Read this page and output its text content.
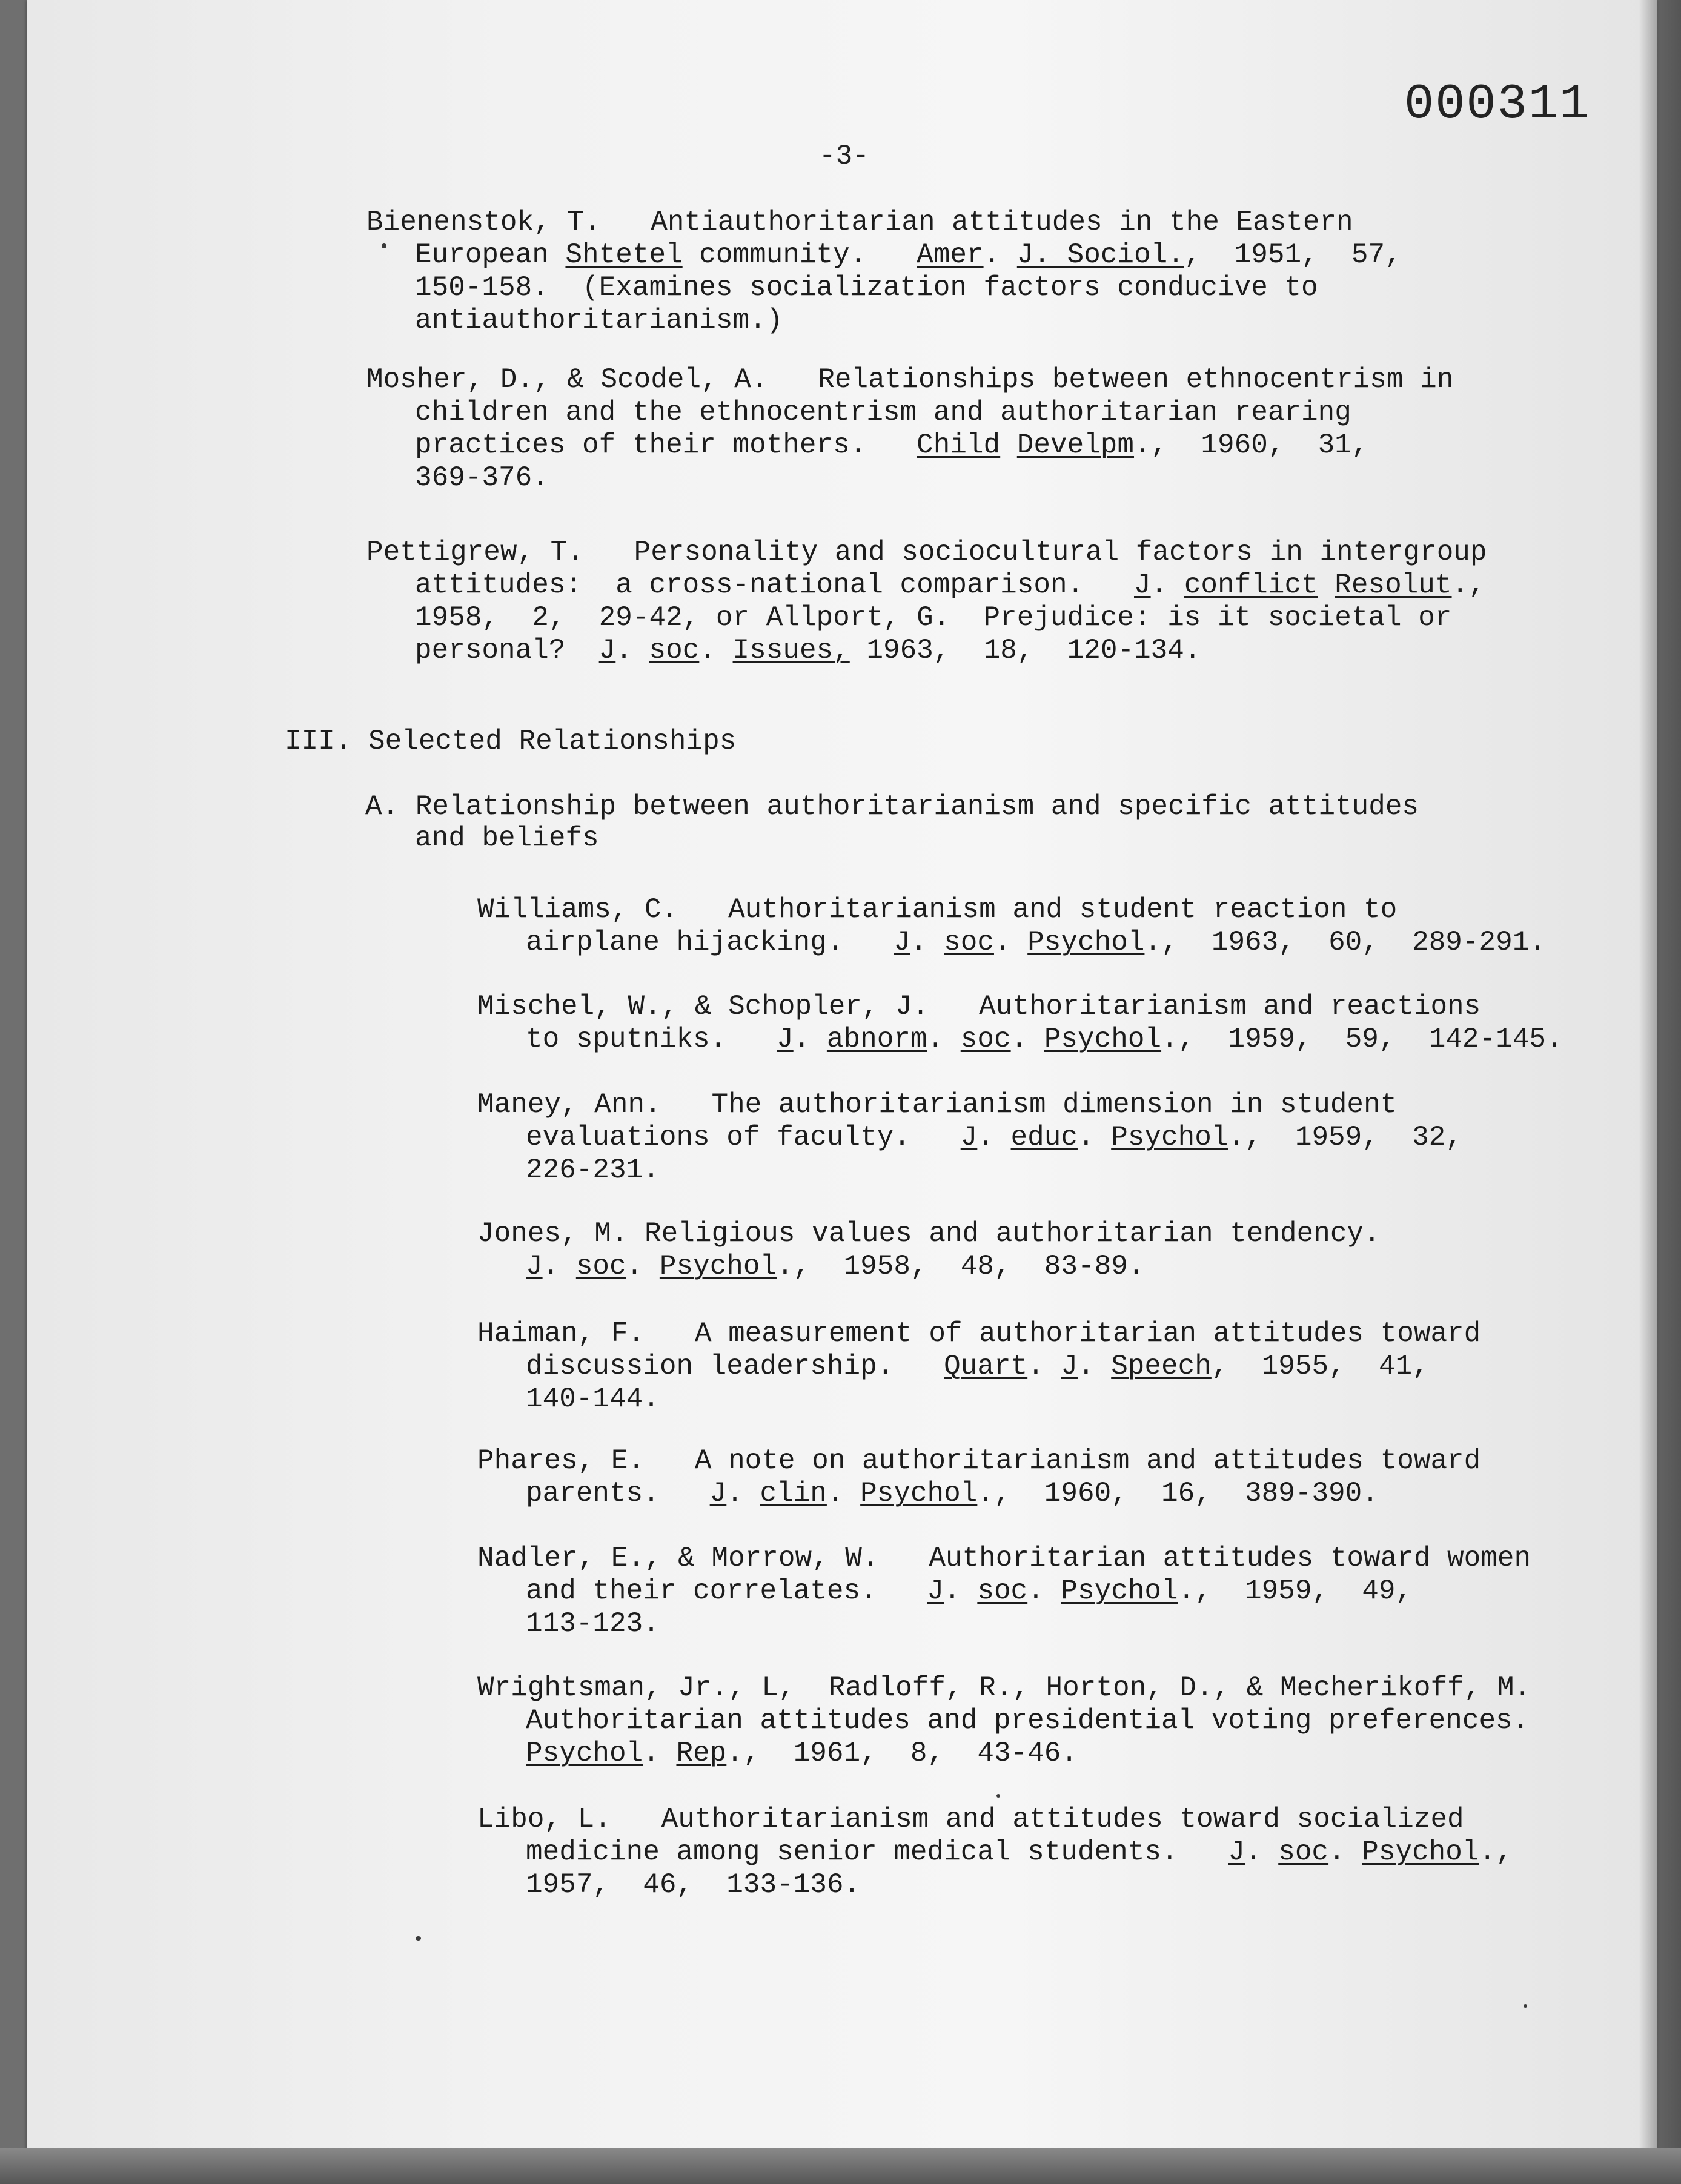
000311
-3-
III. Selected Relationships
A. Relationship between authoritarianism and specific attitudes
and beliefs
Bienenstok, T.   Antiauthoritarian attitudes in the Eastern
European Shtetel community.   Amer. J. Sociol.,  1951,  57,
150-158.  (Examines socialization factors conducive to
antiauthoritarianism.)
Mosher, D., & Scodel, A.   Relationships between ethnocentrism in
children and the ethnocentrism and authoritarian rearing
practices of their mothers.   Child Develpm.,  1960,  31,
369-376.
Pettigrew, T.   Personality and sociocultural factors in intergroup
attitudes:  a cross-national comparison.   J. conflict Resolut.,
1958,  2,  29-42, or Allport, G.  Prejudice: is it societal or
personal?  J. soc. Issues, 1963,  18,  120-134.
Williams, C.   Authoritarianism and student reaction to
airplane hijacking.   J. soc. Psychol.,  1963,  60,  289-291.
Mischel, W., & Schopler, J.   Authoritarianism and reactions
to sputniks.   J. abnorm. soc. Psychol.,  1959,  59,  142-145.
Maney, Ann.   The authoritarianism dimension in student
evaluations of faculty.   J. educ. Psychol.,  1959,  32,
226-231.
Jones, M. Religious values and authoritarian tendency.
J. soc. Psychol.,  1958,  48,  83-89.
Haiman, F.   A measurement of authoritarian attitudes toward
discussion leadership.   Quart. J. Speech,  1955,  41,
140-144.
Phares, E.   A note on authoritarianism and attitudes toward
parents.   J. clin. Psychol.,  1960,  16,  389-390.
Nadler, E., & Morrow, W.   Authoritarian attitudes toward women
and their correlates.   J. soc. Psychol.,  1959,  49,
113-123.
Wrightsman, Jr., L,  Radloff, R., Horton, D., & Mecherikoff, M.
Authoritarian attitudes and presidential voting preferences.
Psychol. Rep.,  1961,  8,  43-46.
Libo, L.   Authoritarianism and attitudes toward socialized
medicine among senior medical students.   J. soc. Psychol.,
1957,  46,  133-136.
